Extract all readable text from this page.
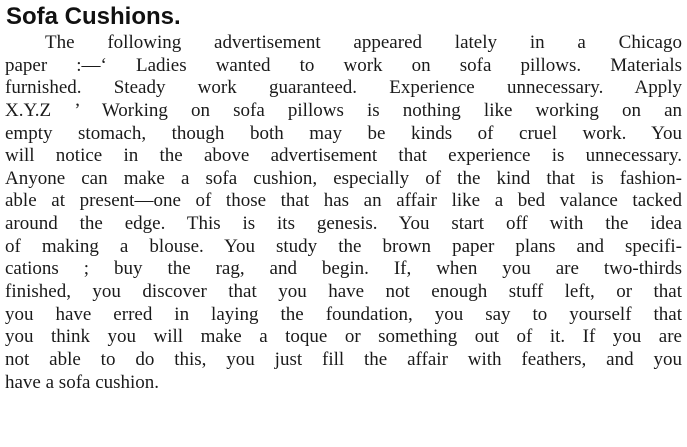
Sofa Cushions.
The following advertisement appeared lately in a Chicago
paper :—‘ Ladies wanted to work on sofa pillows. Materials
furnished. Steady work guaranteed. Experience unnecessary. Apply
X.Y.Z ’ Working on sofa pillows is nothing like working on an
empty stomach, though both may be kinds of cruel work. You
will notice in the above advertisement that experience is unnecessary.
Anyone can make a sofa cushion, especially of the kind that is fashion-
able at present—one of those that has an affair like a bed valance tacked
around the edge. This is its genesis. You start off with the idea
of making a blouse. You study the brown paper plans and specifi-
cations ; buy the rag, and begin. If, when you are two-thirds
finished, you discover that you have not enough stuff left, or that
you have erred in laying the foundation, you say to yourself that
you think you will make a toque or something out of it. If you are
not able to do this, you just fill the affair with feathers, and you
have a sofa cushion.
